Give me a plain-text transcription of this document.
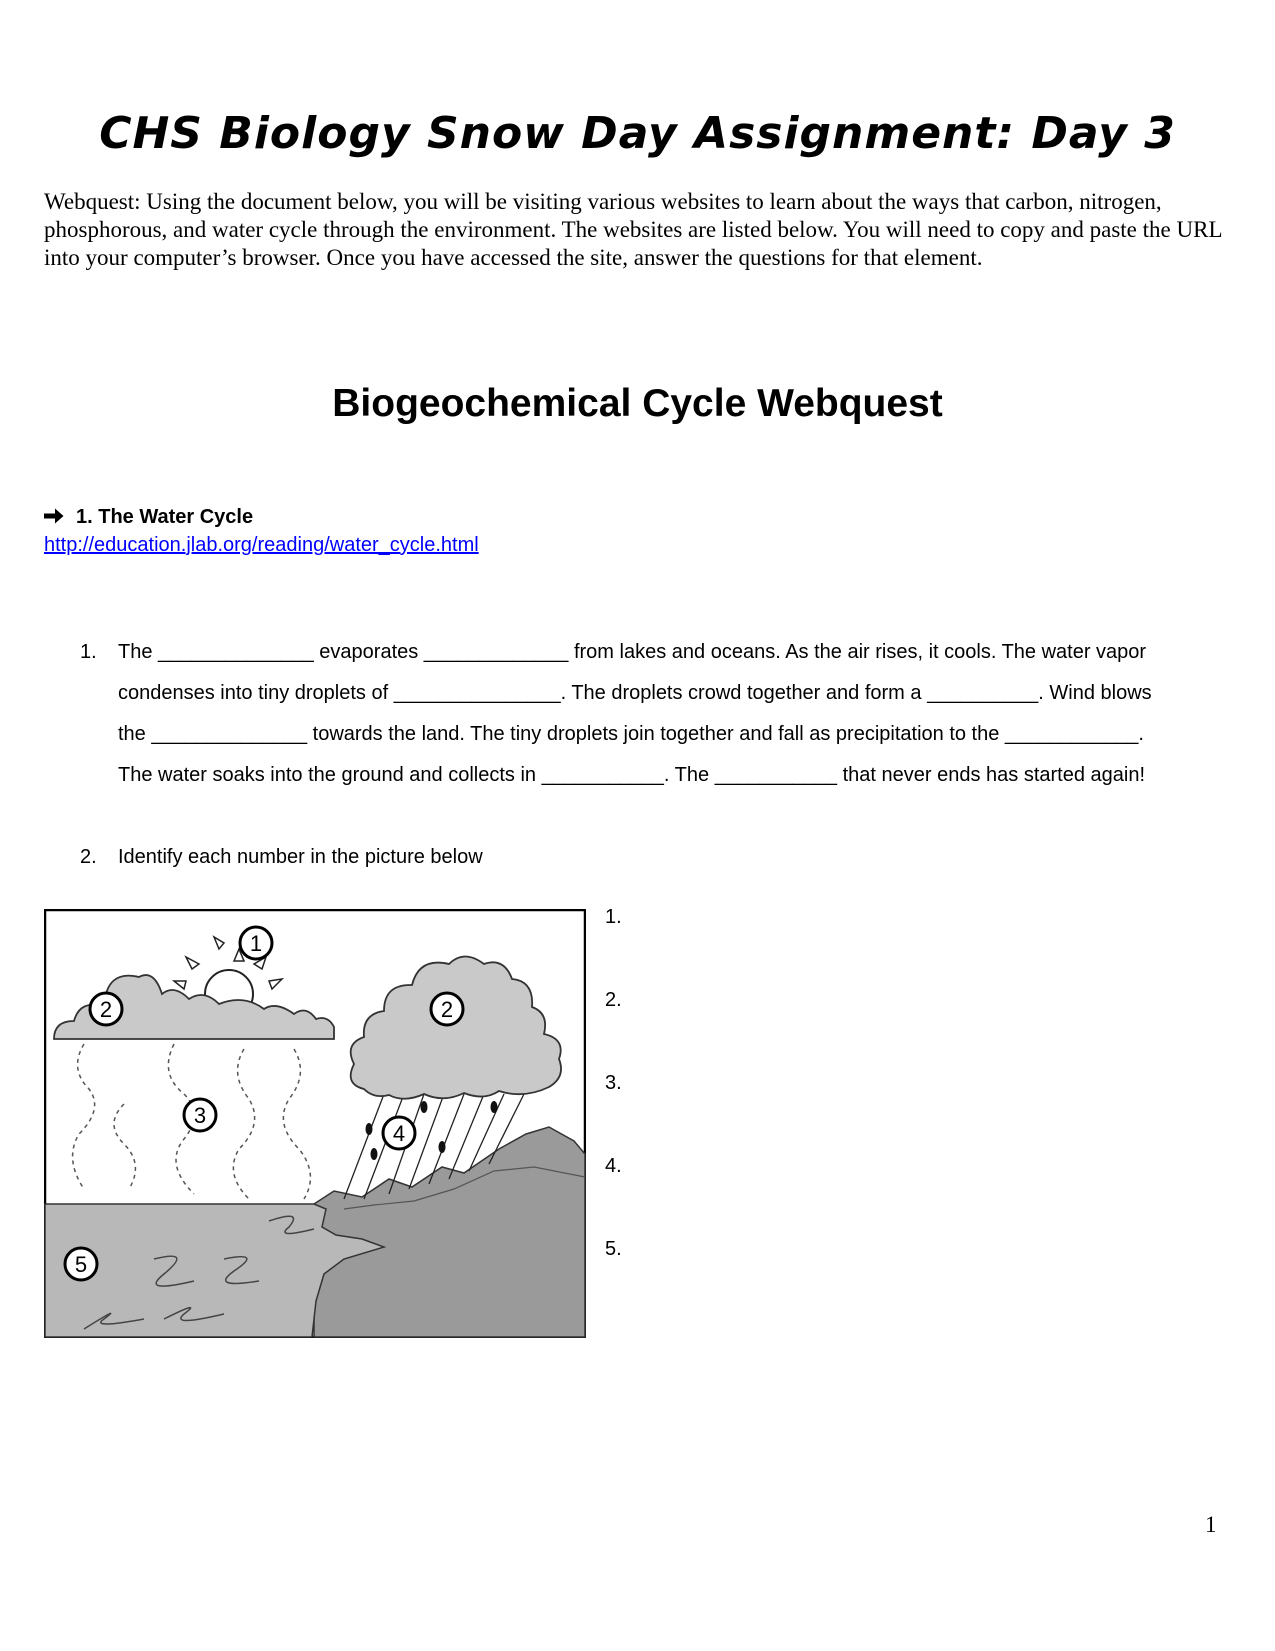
CHS Biology Snow Day Assignment: Day 3
Webquest: Using the document below, you will be visiting various websites to learn about the ways that carbon, nitrogen, phosphorous, and water cycle through the environment. The websites are listed below. You will need to copy and paste the URL into your computer’s browser. Once you have accessed the site, answer the questions for that element.
Biogeochemical Cycle Webquest
1. The Water Cycle
http://education.jlab.org/reading/water_cycle.html
1. The ______________ evaporates _____________ from lakes and oceans. As the air rises, it cools. The water vapor
condenses into tiny droplets of _______________. The droplets crowd together and form a __________. Wind blows
the ______________ towards the land. The tiny droplets join together and fall as precipitation to the ____________.
The water soaks into the ground and collects in ___________. The ___________ that never ends has started again!
2. Identify each number in the picture below
1
2	2
3
4
5
1.
2.
3.
4.
5.
1
